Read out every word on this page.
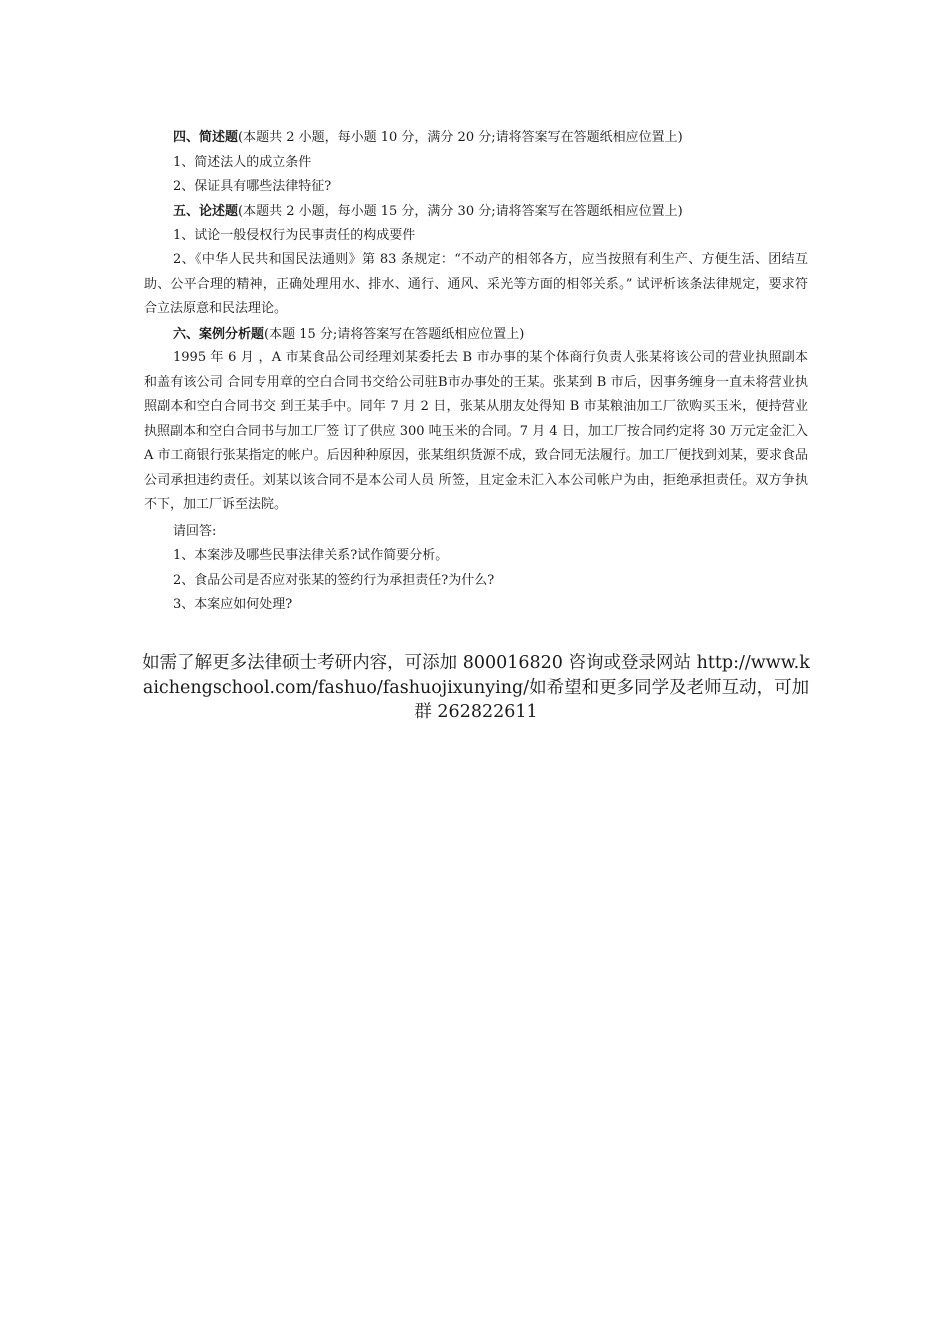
四、简述题(本题共 2 小题，每小题 10 分，满分 20 分;请将答案写在答题纸相应位置上)
1、简述法人的成立条件
2、保证具有哪些法律特征?
五、论述题(本题共 2 小题，每小题 15 分，满分 30 分;请将答案写在答题纸相应位置上)
1、试论一般侵权行为民事责任的构成要件

2、《中华人民共和国民法通则》第 83 条规定：“不动产的相邻各方，应当按照有利生产、方便生活、团结互助、公平合理的精神，正确处理用水、排水、通行、通风、采光等方面的相邻关系。” 试评析该条法律规定，要求符合立法原意和民法理论。

六、案例分析题(本题 15 分;请将答案写在答题纸相应位置上)

1995 年 6 月 ，A 市某食品公司经理刘某委托去 B 市办事的某个体商行负责人张某将该公司的营业执照副本和盖有该公司 合同专用章的空白合同书交给公司驻B市办事处的王某。张某到 B 市后，因事务缠身一直未将营业执照副本和空白合同书交 到王某手中。同年 7 月 2 日，张某从朋友处得知 B 市某粮油加工厂欲购买玉米，便持营业执照副本和空白合同书与加工厂签 订了供应 300 吨玉米的合同。7 月 4 日，加工厂按合同约定将 30 万元定金汇入 A 市工商银行张某指定的帐户。后因种种原因，张某组织货源不成，致合同无法履行。加工厂便找到刘某，要求食品公司承担违约责任。刘某以该合同不是本公司人员 所签，且定金未汇入本公司帐户为由，拒绝承担责任。双方争执不下，加工厂诉至法院。

请回答:
1、本案涉及哪些民事法律关系?试作简要分析。
2、食品公司是否应对张某的签约行为承担责任?为什么?
3、本案应如何处理?

如需了解更多法律硕士考研内容，可添加 800016820 咨询或登录网站 http://www.kaichengschool.com/fashuo/fashuojixunying/如希望和更多同学及老师互动，可加群 262822611
